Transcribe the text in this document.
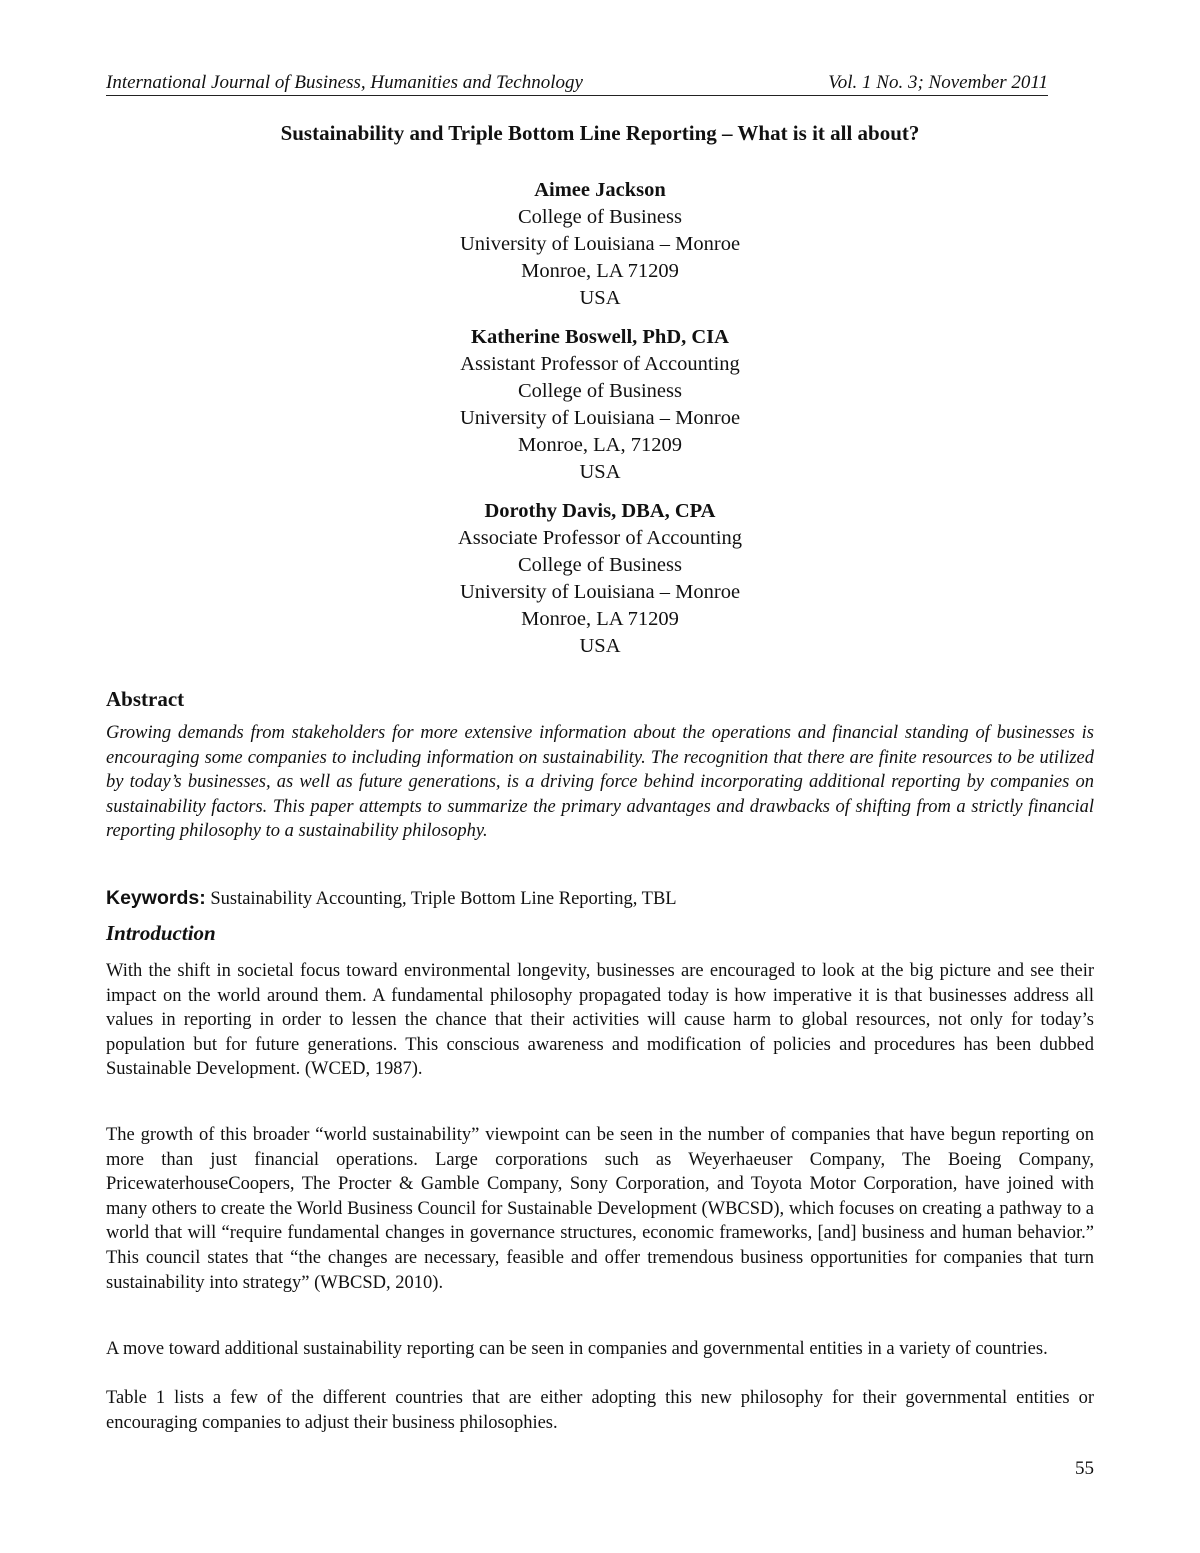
International Journal of Business, Humanities and Technology	Vol. 1 No. 3; November 2011
Sustainability and Triple Bottom Line Reporting – What is it all about?
Aimee Jackson
College of Business
University of Louisiana – Monroe
Monroe, LA 71209
USA
Katherine Boswell, PhD, CIA
Assistant Professor of Accounting
College of Business
University of Louisiana – Monroe
Monroe, LA, 71209
USA
Dorothy Davis, DBA, CPA
Associate Professor of Accounting
College of Business
University of Louisiana – Monroe
Monroe, LA 71209
USA
Abstract
Growing demands from stakeholders for more extensive information about the operations and financial standing of businesses is encouraging some companies to including information on sustainability. The recognition that there are finite resources to be utilized by today’s businesses, as well as future generations, is a driving force behind incorporating additional reporting by companies on sustainability factors. This paper attempts to summarize the primary advantages and drawbacks of shifting from a strictly financial reporting philosophy to a sustainability philosophy.
Keywords: Sustainability Accounting, Triple Bottom Line Reporting, TBL
Introduction
With the shift in societal focus toward environmental longevity, businesses are encouraged to look at the big picture and see their impact on the world around them. A fundamental philosophy propagated today is how imperative it is that businesses address all values in reporting in order to lessen the chance that their activities will cause harm to global resources, not only for today’s population but for future generations. This conscious awareness and modification of policies and procedures has been dubbed Sustainable Development. (WCED, 1987).
The growth of this broader “world sustainability” viewpoint can be seen in the number of companies that have begun reporting on more than just financial operations. Large corporations such as Weyerhaeuser Company, The Boeing Company, PricewaterhouseCoopers, The Procter & Gamble Company, Sony Corporation, and Toyota Motor Corporation, have joined with many others to create the World Business Council for Sustainable Development (WBCSD), which focuses on creating a pathway to a world that will “require fundamental changes in governance structures, economic frameworks, [and] business and human behavior.” This council states that “the changes are necessary, feasible and offer tremendous business opportunities for companies that turn sustainability into strategy” (WBCSD, 2010).
A move toward additional sustainability reporting can be seen in companies and governmental entities in a variety of countries.
Table 1 lists a few of the different countries that are either adopting this new philosophy for their governmental entities or encouraging companies to adjust their business philosophies.
55
